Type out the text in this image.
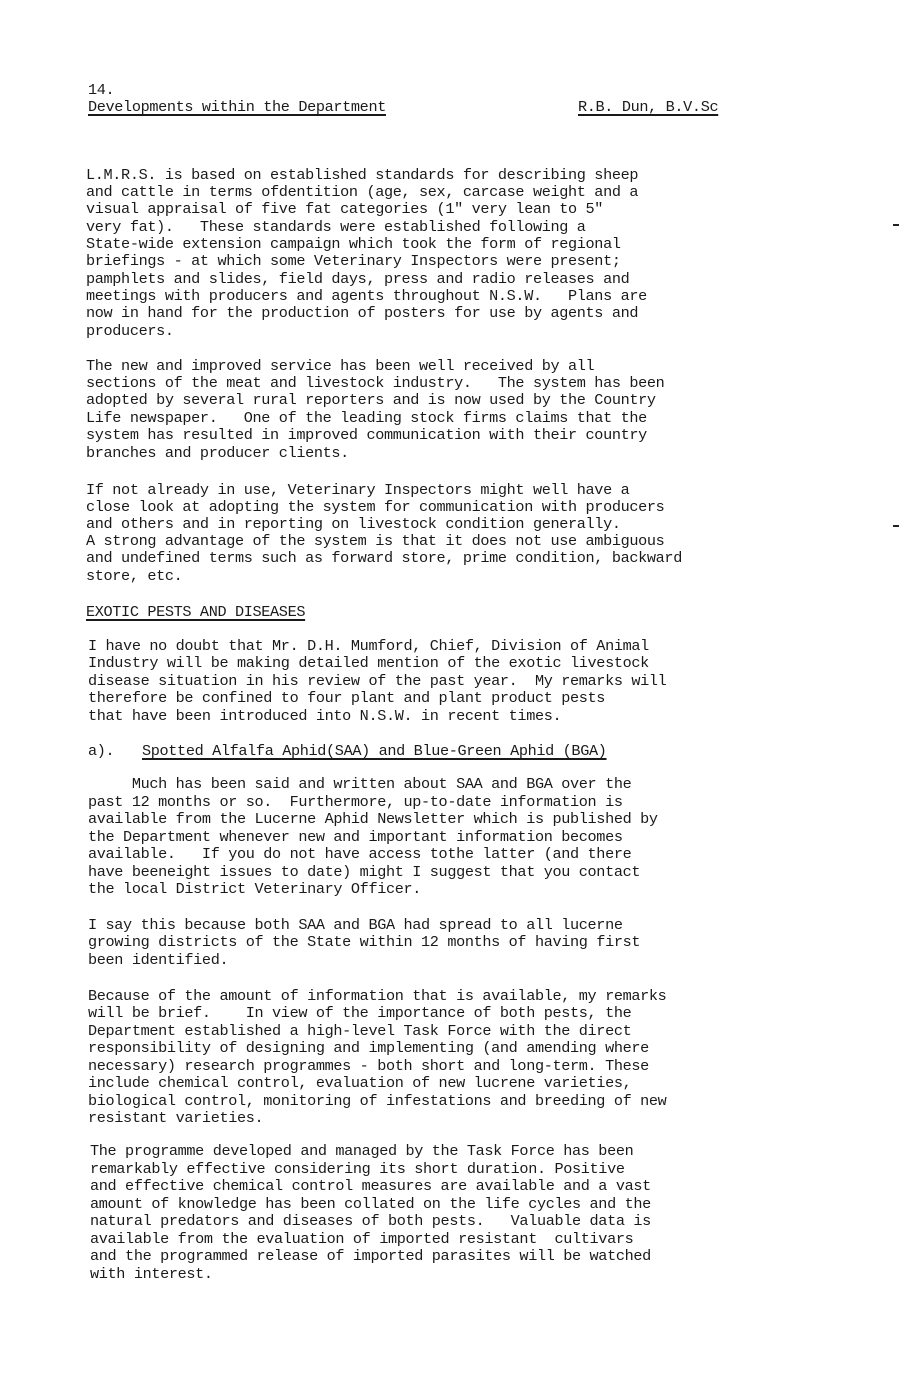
14.
Developments within the Department	R.B. Dun, B.V.Sc
L.M.R.S. is based on established standards for describing sheep
and cattle in terms ofdentition (age, sex, carcase weight and a
visual appraisal of five fat categories (1" very lean to 5"
very fat).   These standards were established following a
State-wide extension campaign which took the form of regional
briefings - at which some Veterinary Inspectors were present;
pamphlets and slides, field days, press and radio releases and
meetings with producers and agents throughout N.S.W.   Plans are
now in hand for the production of posters for use by agents and
producers.
The new and improved service has been well received by all
sections of the meat and livestock industry.   The system has been
adopted by several rural reporters and is now used by the Country
Life newspaper.   One of the leading stock firms claims that the
system has resulted in improved communication with their country
branches and producer clients.
If not already in use, Veterinary Inspectors might well have a
close look at adopting the system for communication with producers
and others and in reporting on livestock condition generally.
A strong advantage of the system is that it does not use ambiguous
and undefined terms such as forward store, prime condition, backward
store, etc.
EXOTIC PESTS AND DISEASES
I have no doubt that Mr. D.H. Mumford, Chief, Division of Animal
Industry will be making detailed mention of the exotic livestock
disease situation in his review of the past year.  My remarks will
therefore be confined to four plant and plant product pests
that have been introduced into N.S.W. in recent times.
a). Spotted Alfalfa Aphid(SAA) and Blue-Green Aphid (BGA)
Much has been said and written about SAA and BGA over the
past 12 months or so.  Furthermore, up-to-date information is
available from the Lucerne Aphid Newsletter which is published by
the Department whenever new and important information becomes
available.   If you do not have access tothe latter (and there
have beeneight issues to date) might I suggest that you contact
the local District Veterinary Officer.
I say this because both SAA and BGA had spread to all lucerne
growing districts of the State within 12 months of having first
been identified.
Because of the amount of information that is available, my remarks
will be brief.    In view of the importance of both pests, the
Department established a high-level Task Force with the direct
responsibility of designing and implementing (and amending where
necessary) research programmes - both short and long-term. These
include chemical control, evaluation of new lucrene varieties,
biological control, monitoring of infestations and breeding of new
resistant varieties.
The programme developed and managed by the Task Force has been
remarkably effective considering its short duration. Positive
and effective chemical control measures are available and a vast
amount of knowledge has been collated on the life cycles and the
natural predators and diseases of both pests.   Valuable data is
available from the evaluation of imported resistant  cultivars
and the programmed release of imported parasites will be watched
with interest.
